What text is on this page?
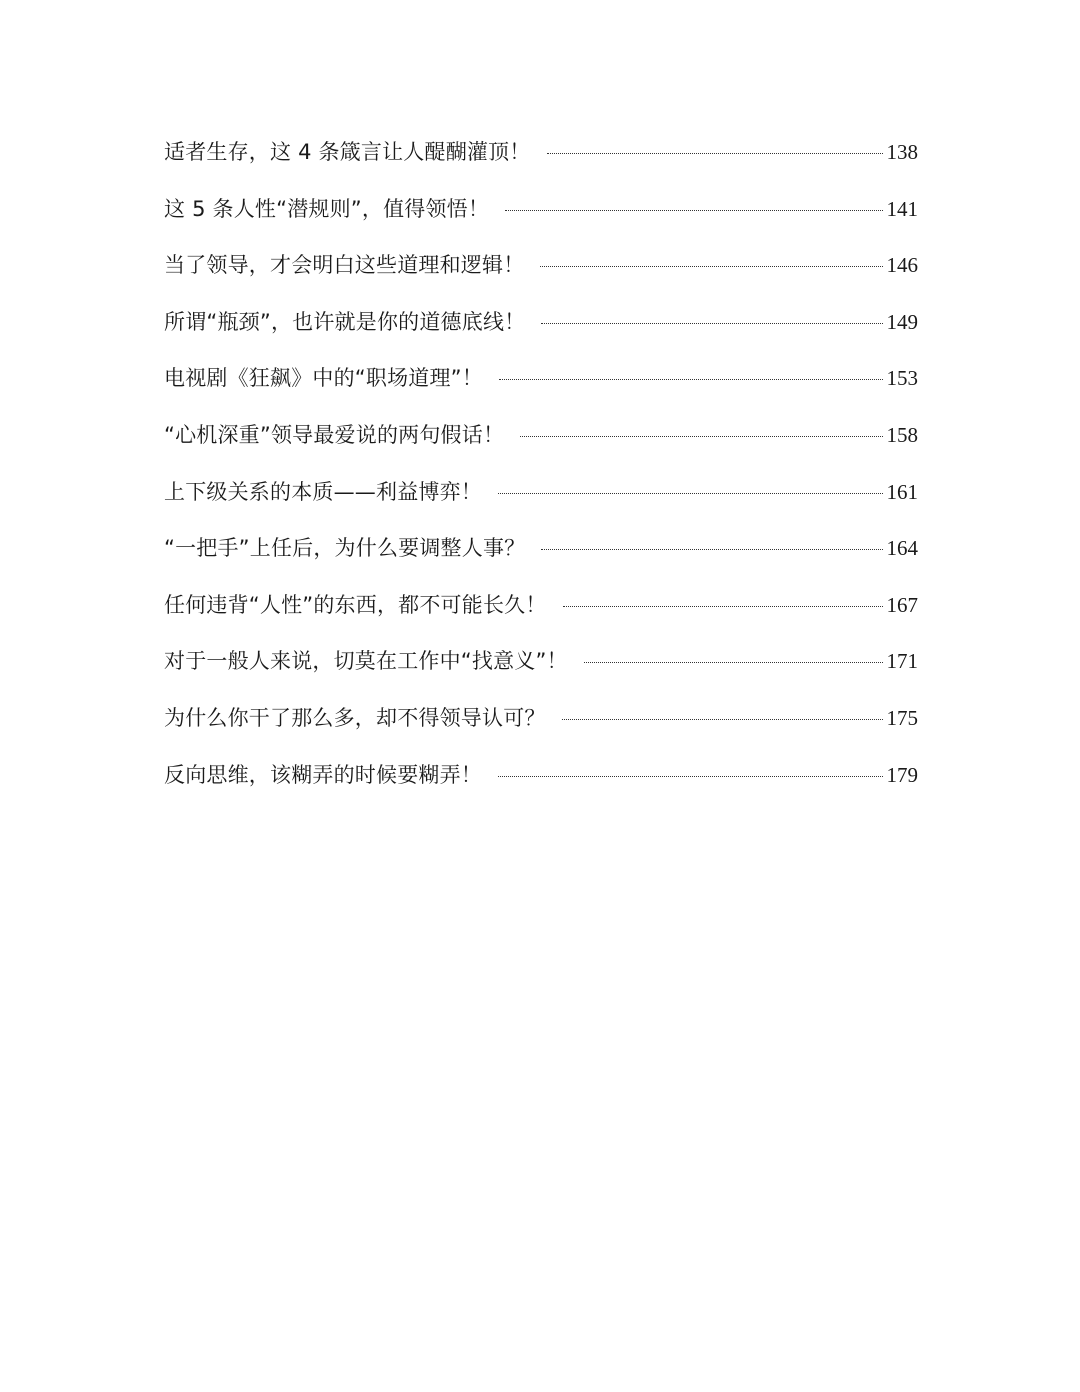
适者生存，这 4 条箴言让人醍醐灌顶！	138
这 5 条人性“潜规则”，值得领悟！	141
当了领导，才会明白这些道理和逻辑！	146
所谓“瓶颈”，也许就是你的道德底线！	149
电视剧《狂飙》中的“职场道理”！	153
“心机深重”领导最爱说的两句假话！	158
上下级关系的本质——利益博弈！	161
“一把手”上任后，为什么要调整人事？	164
任何违背“人性”的东西，都不可能长久！	167
对于一般人来说，切莫在工作中“找意义”！	171
为什么你干了那么多，却不得领导认可？	175
反向思维，该糊弄的时候要糊弄！	179
